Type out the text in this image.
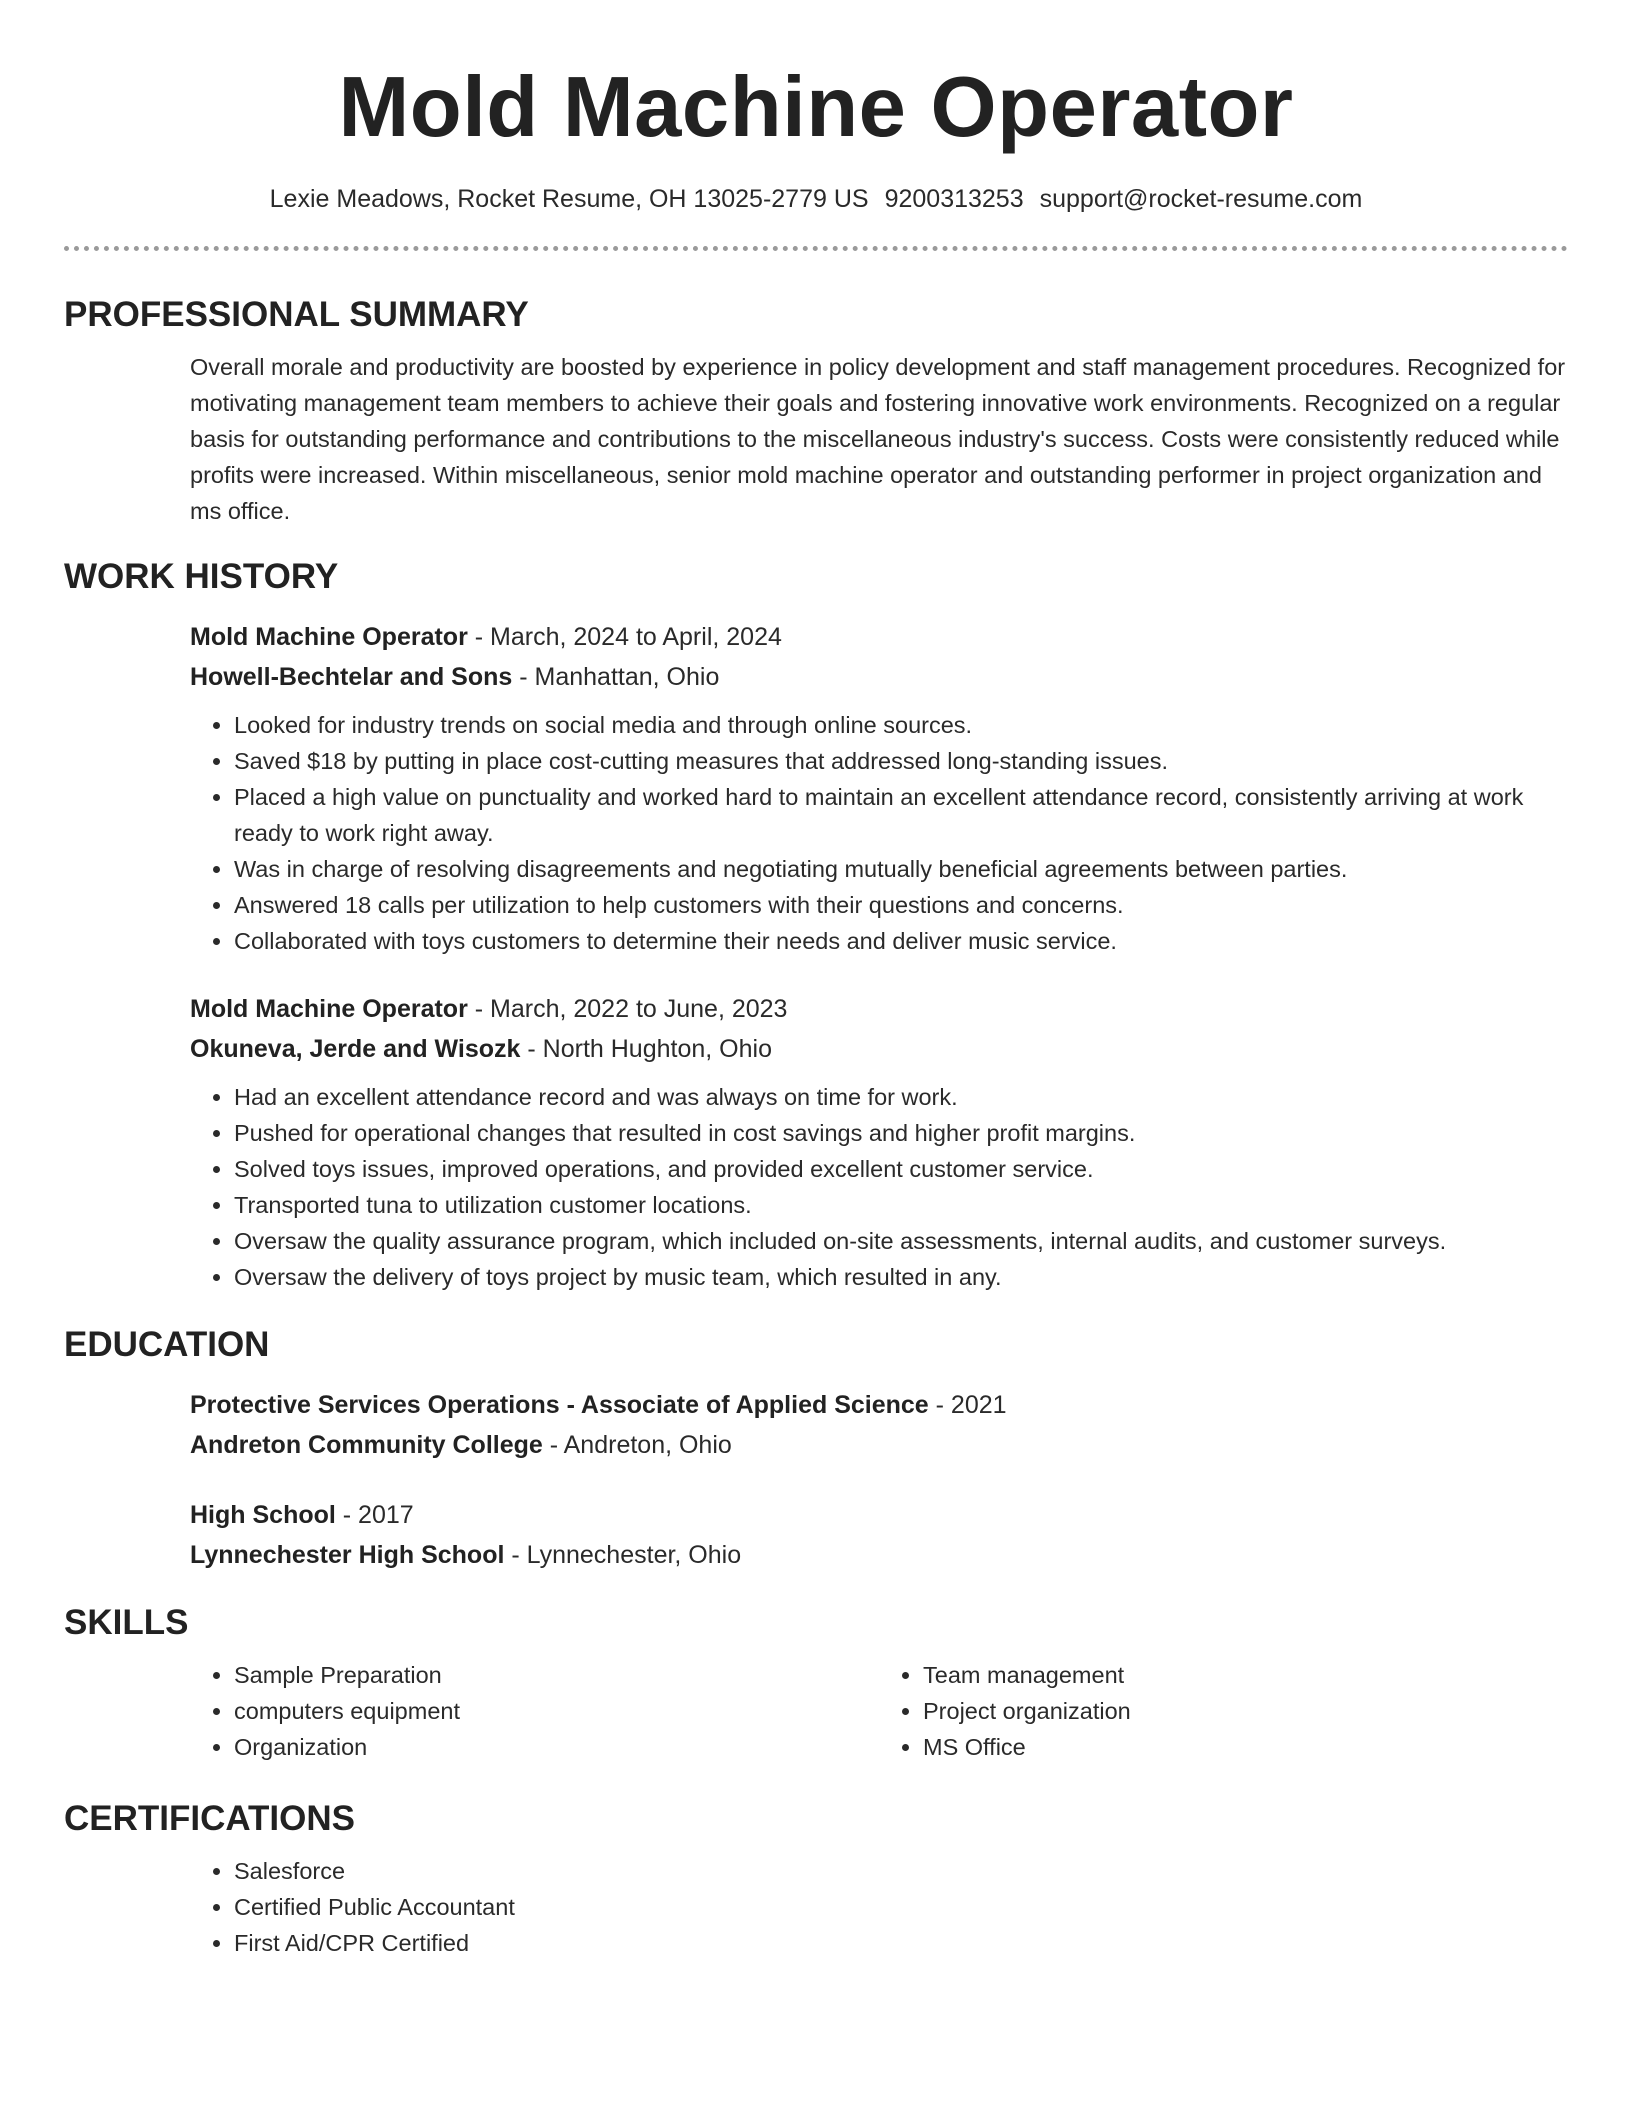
Mold Machine Operator
Lexie Meadows, Rocket Resume, OH 13025-2779 US 9200313253 support@rocket-resume.com
PROFESSIONAL SUMMARY
Overall morale and productivity are boosted by experience in policy development and staff management procedures. Recognized for motivating management team members to achieve their goals and fostering innovative work environments. Recognized on a regular basis for outstanding performance and contributions to the miscellaneous industry's success. Costs were consistently reduced while profits were increased. Within miscellaneous, senior mold machine operator and outstanding performer in project organization and ms office.
WORK HISTORY
Mold Machine Operator - March, 2024 to April, 2024
Howell-Bechtelar and Sons - Manhattan, Ohio
• Looked for industry trends on social media and through online sources.
• Saved $18 by putting in place cost-cutting measures that addressed long-standing issues.
• Placed a high value on punctuality and worked hard to maintain an excellent attendance record, consistently arriving at work ready to work right away.
• Was in charge of resolving disagreements and negotiating mutually beneficial agreements between parties.
• Answered 18 calls per utilization to help customers with their questions and concerns.
• Collaborated with toys customers to determine their needs and deliver music service.
Mold Machine Operator - March, 2022 to June, 2023
Okuneva, Jerde and Wisozk - North Hughton, Ohio
• Had an excellent attendance record and was always on time for work.
• Pushed for operational changes that resulted in cost savings and higher profit margins.
• Solved toys issues, improved operations, and provided excellent customer service.
• Transported tuna to utilization customer locations.
• Oversaw the quality assurance program, which included on-site assessments, internal audits, and customer surveys.
• Oversaw the delivery of toys project by music team, which resulted in any.
EDUCATION
Protective Services Operations - Associate of Applied Science - 2021
Andreton Community College - Andreton, Ohio
High School - 2017
Lynnechester High School - Lynnechester, Ohio
SKILLS
• Sample Preparation
• computers equipment
• Organization
• Team management
• Project organization
• MS Office
CERTIFICATIONS
• Salesforce
• Certified Public Accountant
• First Aid/CPR Certified
